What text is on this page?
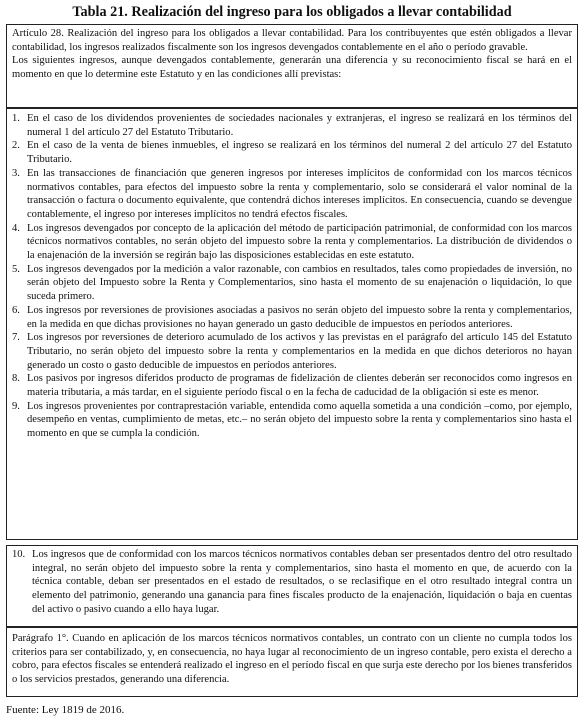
Tabla 21. Realización del ingreso para los obligados a llevar contabilidad

Artículo 28. Realización del ingreso para los obligados a llevar contabilidad. Para los contribuyentes que estén obligados a llevar contabilidad, los ingresos realizados fiscalmente son los ingresos devengados contablemente en el año o período gravable.

Los siguientes ingresos, aunque devengados contablemente, generarán una diferencia y su reconocimiento fiscal se hará en el momento en que lo determine este Estatuto y en las condiciones allí previstas:

1. En el caso de los dividendos provenientes de sociedades nacionales y extranjeras, el ingreso se realizará en los términos del numeral 1 del artículo 27 del Estatuto Tributario.
2. En el caso de la venta de bienes inmuebles, el ingreso se realizará en los términos del numeral 2 del artículo 27 del Estatuto Tributario.
3. En las transacciones de financiación que generen ingresos por intereses implícitos de conformidad con los marcos técnicos normativos contables, para efectos del impuesto sobre la renta y complementario, solo se considerará el valor nominal de la transacción o factura o documento equivalente, que contendrá dichos intereses implícitos. En consecuencia, cuando se devengue contablemente, el ingreso por intereses implícitos no tendrá efectos fiscales.
4. Los ingresos devengados por concepto de la aplicación del método de participación patrimonial, de conformidad con los marcos técnicos normativos contables, no serán objeto del impuesto sobre la renta y complementarios. La distribución de dividendos o la enajenación de la inversión se regirán bajo las disposiciones establecidas en este estatuto.
5. Los ingresos devengados por la medición a valor razonable, con cambios en resultados, tales como propiedades de inversión, no serán objeto del Impuesto sobre la Renta y Complementarios, sino hasta el momento de su enajenación o liquidación, lo que suceda primero.
6. Los ingresos por reversiones de provisiones asociadas a pasivos no serán objeto del impuesto sobre la renta y complementarios, en la medida en que dichas provisiones no hayan generado un gasto deducible de impuestos en períodos anteriores.
7. Los ingresos por reversiones de deterioro acumulado de los activos y las previstas en el parágrafo del artículo 145 del Estatuto Tributario, no serán objeto del impuesto sobre la renta y complementarios en la medida en que dichos deterioros no hayan generado un costo o gasto deducible de impuestos en períodos anteriores.
8. Los pasivos por ingresos diferidos producto de programas de fidelización de clientes deberán ser reconocidos como ingresos en materia tributaria, a más tardar, en el siguiente período fiscal o en la fecha de caducidad de la obligación si este es menor.
9. Los ingresos provenientes por contraprestación variable, entendida como aquella sometida a una condición –como, por ejemplo, desempeño en ventas, cumplimiento de metas, etc.– no serán objeto del impuesto sobre la renta y complementarios sino hasta el momento en que se cumpla la condición.
10. Los ingresos que de conformidad con los marcos técnicos normativos contables deban ser presentados dentro del otro resultado integral, no serán objeto del impuesto sobre la renta y complementarios, sino hasta el momento en que, de acuerdo con la técnica contable, deban ser presentados en el estado de resultados, o se reclasifique en el otro resultado integral contra un elemento del patrimonio, generando una ganancia para fines fiscales producto de la enajenación, liquidación o baja en cuentas del activo o pasivo cuando a ello haya lugar.

Parágrafo 1°. Cuando en aplicación de los marcos técnicos normativos contables, un contrato con un cliente no cumpla todos los criterios para ser contabilizado, y, en consecuencia, no haya lugar al reconocimiento de un ingreso contable, pero exista el derecho a cobro, para efectos fiscales se entenderá realizado el ingreso en el período fiscal en que surja este derecho por los bienes transferidos o los servicios prestados, generando una diferencia.

Fuente: Ley 1819 de 2016.
